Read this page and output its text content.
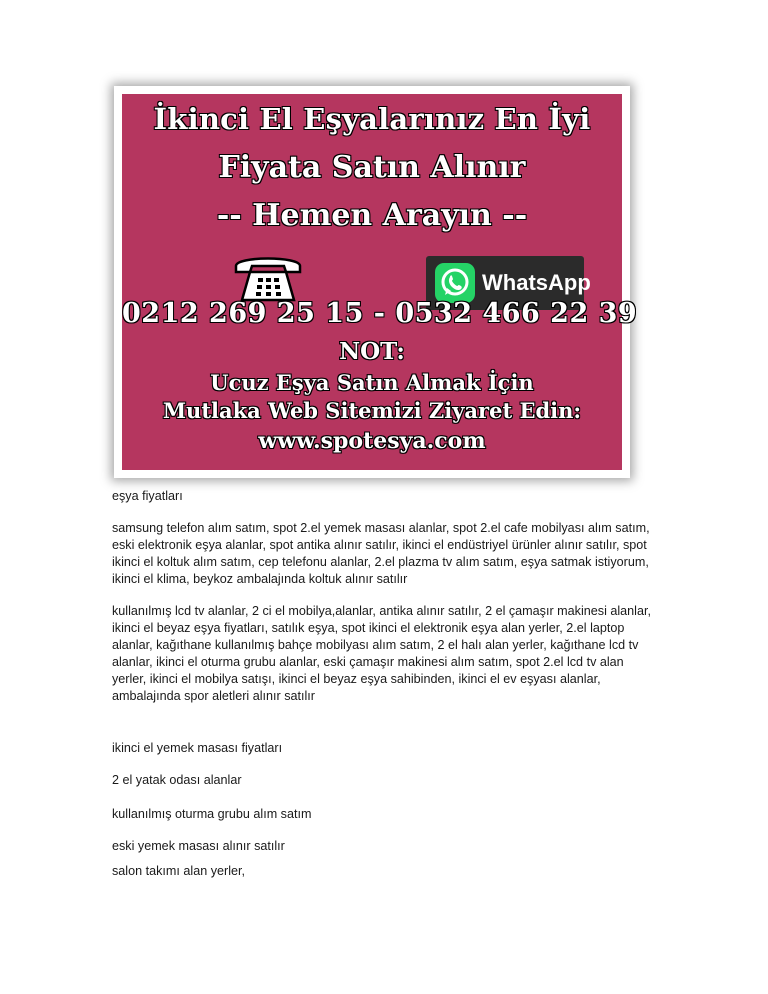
İkinci El Eşyalarınız En İyi
Fiyata Satın Alınır
-- Hemen Arayın --
WhatsApp
0212 269 25 15 - 0532 466 22 39
NOT:
Ucuz Eşya Satın Almak İçin
Mutlaka Web Sitemizi Ziyaret Edin:
www.spotesya.com

eşya fiyatları

samsung telefon alım satım, spot 2.el yemek masası alanlar, spot 2.el cafe mobilyası alım satım, eski elektronik eşya alanlar, spot antika alınır satılır, ikinci el endüstriyel ürünler alınır satılır, spot ikinci el koltuk alım satım, cep telefonu alanlar, 2.el plazma tv alım satım, eşya satmak istiyorum, ikinci el klima, beykoz ambalajında koltuk alınır satılır

kullanılmış lcd tv alanlar, 2 ci el mobilya,alanlar, antika alınır satılır, 2 el çamaşır makinesi alanlar, ikinci el beyaz eşya fiyatları, satılık eşya, spot ikinci el elektronik eşya alan yerler, 2.el laptop alanlar, kağıthane kullanılmış bahçe mobilyası alım satım, 2 el halı alan yerler, kağıthane lcd tv alanlar, ikinci el oturma grubu alanlar, eski çamaşır makinesi alım satım, spot 2.el lcd tv alan yerler, ikinci el mobilya satışı, ikinci el beyaz eşya sahibinden, ikinci el ev eşyası alanlar, ambalajında spor aletleri alınır satılır

ikinci el yemek masası fiyatları

2 el yatak odası alanlar

kullanılmış oturma grubu alım satım

eski yemek masası alınır satılır

salon takımı alan yerler,
